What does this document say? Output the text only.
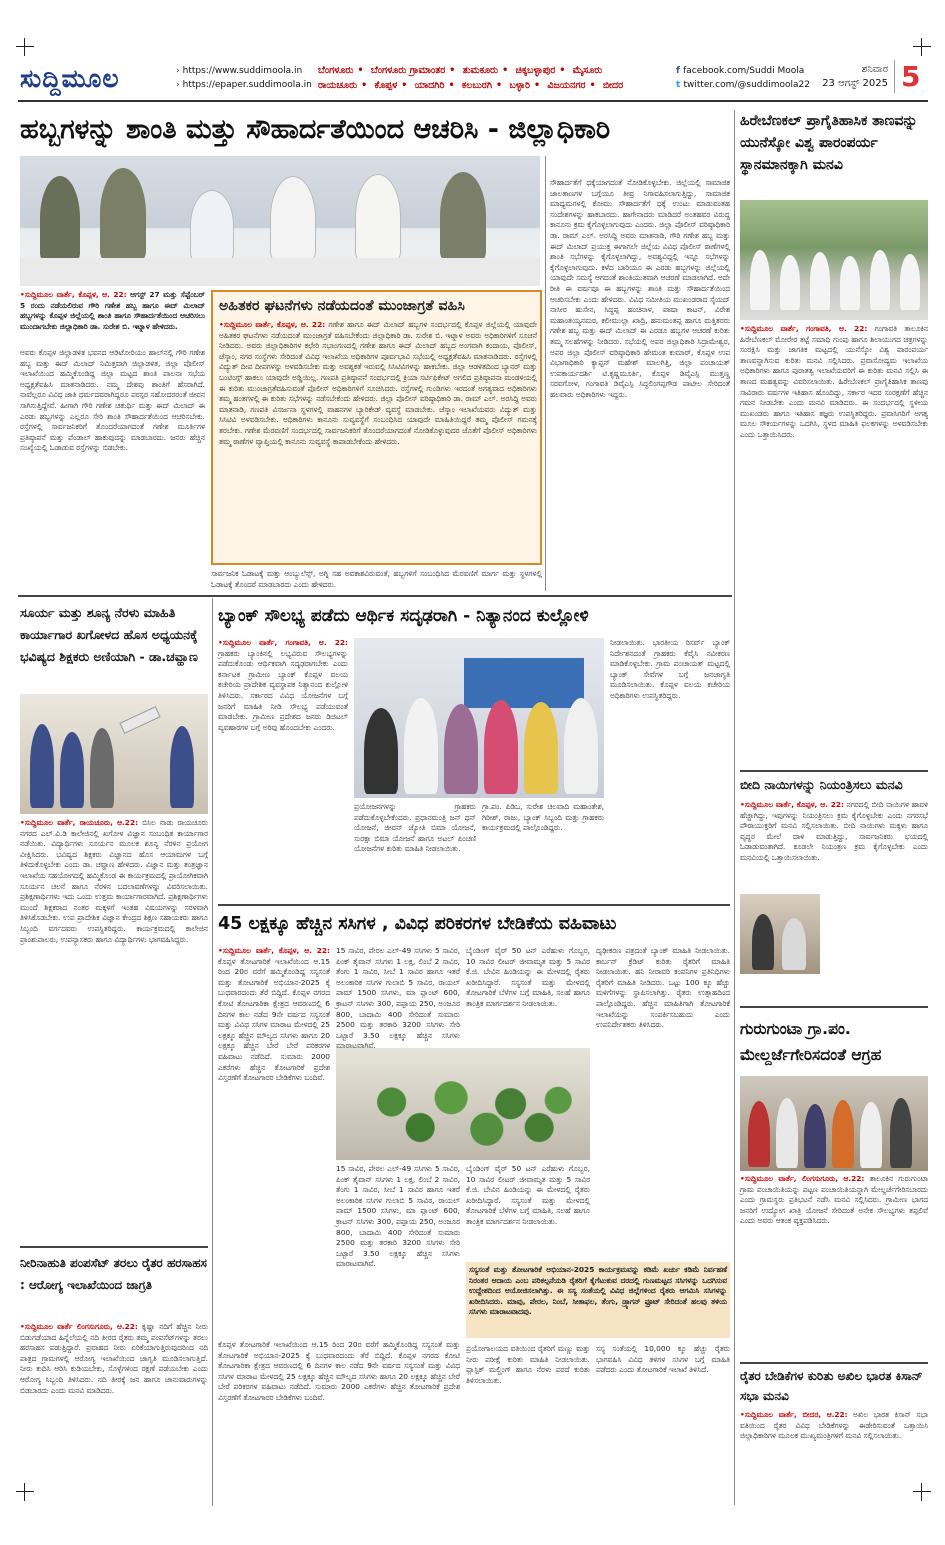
ಸುದ್ದಿಮೂಲ
›	https://www.suddimoola.in
› https://epaper.suddimoola.in
ಬೆಂಗಳೂರು • ಬೆಂಗಳೂರು ಗ್ರಾಮಾಂತರ • ತುಮಕೂರು • ಚಿಕ್ಕಬಳ್ಳಾಪುರ • ಮೈಸೂರು
ರಾಯಚೂರು • ಕೊಪ್ಪಳ • ಯಾದಗಿರಿ • ಕಲಬುರಗಿ • ಬಳ್ಳಾರಿ • ವಿಜಯನಗರ • ಬೀದರ
f facebook.com/Suddi Moola
t twitter.com/@suddimoola22
ಶನಿವಾರ
23 ಆಗಸ್ಟ್ 2025 5
ಹಬ್ಬಗಳನ್ನು ಶಾಂತಿ ಮತ್ತು ಸೌಹಾರ್ದತೆಯಿಂದ ಆಚರಿಸಿ - ಜಿಲ್ಲಾಧಿಕಾರಿ
•ಸುದ್ದಿಮೂಲ ವಾರ್ತೆ, ಕೊಪ್ಪಳ, ಆ. 22: ಆಗಸ್ಟ್ 27 ಮತ್ತು ಸೆಪ್ಟೆಂಬರ್ 5 ರಂದು ನಡೆಯಲಿರುವ ಗೌರಿ ಗಣೇಶ ಹಬ್ಬ ಹಾಗೂ ಈದ್ ಮಿಲಾದ್ ಹಬ್ಬಗಳನ್ನು ಕೊಪ್ಪಳ ಜಿಲ್ಲೆಯಲ್ಲಿ ಶಾಂತಿ ಹಾಗೂ ಸೌಹಾರ್ದತೆಯಿಂದ ಆಚರಿಸಲು ಮುಂದಾಗಬೇಕು ಜಿಲ್ಲಾಧಿಕಾರಿ ಡಾ. ಸುರೇಶ ಬಿ. ಇಟ್ನಾಳ ಹೇಳಿದರು.
ಅವರು ಕೊಪ್ಪಳ ಜಿಲ್ಲಾಡಳಿತ ಭವನದ ಆಡಿಟೋರಿಯಂ ಹಾಲ್‌ನಲ್ಲಿ ಗೌರಿ ಗಣೇಶ ಹಬ್ಬ ಮತ್ತು ಈದ್ ಮಿಲಾದ್ ನಿಮಿತ್ತವಾಗಿ ಜಿಲ್ಲಾಡಳಿತ, ಜಿಲ್ಲಾ ಪೊಲೀಸ್ ಇಲಾಖೆಯಿಂದ ಹಮ್ಮಿಕೊಂಡಿದ್ದ ಜಿಲ್ಲಾ ಮಟ್ಟದ ಶಾಂತಿ ಪಾಲನಾ ಸಭೆಯ ಅಧ್ಯಕ್ಷತೆವಹಿಸಿ ಮಾತನಾಡಿದರು. ನಮ್ಮ ದೇಶವು ಶಾಂತಿಗೆ ಹೆಸರಾಗಿದೆ. ನಾವೆಲ್ಲರೂ ವಿವಿಧ ಜಾತಿ ಧರ್ಮದವರಾಗಿದ್ದರೂ ಪರಸ್ಪರ ಸಹೋದರರಂತೆ ಜೀವನ ಸಾಗಿಸುತ್ತಿದ್ದೇವೆ. ಹೀಗಾಗಿ ಗೌರಿ ಗಣೇಶ ಚತುರ್ಥಿ ಮತ್ತು ಈದ್ ಮಿಲಾದ್ ಈ ಎರಡು ಹಬ್ಬಗಳನ್ನು ಎಲ್ಲರೂ ಸೇರಿ ಶಾಂತಿ ಸೌಹಾರ್ದತೆಯಿಂದ ಆಚರಿಸಬೇಕು. ರಸ್ತೆಗಳಲ್ಲಿ ಸಾರ್ವಜನಿಕರಿಗೆ ತೊಂದರೆಯಾಗದಂತೆ ಗಣೇಶ ಮೂರ್ತಿಗಳ ಪ್ರತಿಷ್ಠಾಪನೆ ಮತ್ತು ಪೆಂಡಾಲ್ ಹಾಕುವುದನ್ನು ಮಾಡಬಾರದು. ಜನರು ಹೆಚ್ಚಿನ ಸಂಖ್ಯೆಯಲ್ಲಿ ಓಡಾಡುವ ರಸ್ತೆಗಳನ್ನು ಬಿಡಬೇಕು.
ಅಹಿತಕರ ಘಟನೆಗಳು ನಡೆಯದಂತೆ ಮುಂಜಾಗ್ರತೆ ವಹಿಸಿ
•ಸುದ್ದಿಮೂಲ ವಾರ್ತೆ, ಕೊಪ್ಪಳ, ಆ. 22: ಗಣೇಶ ಹಾಗೂ ಈದ್ ಮಿಲಾದ್ ಹಬ್ಬಗಳ ಸಂದರ್ಭದಲ್ಲಿ ಕೊಪ್ಪಳ ಜಿಲ್ಲೆಯಲ್ಲಿ ಯಾವುದೇ ಅಹಿತಕರ ಘಟನೆಗಳು ನಡೆಯದಂತೆ ಮುಂಜಾಗ್ರತೆ ವಹಿಸಬೇಕೆಂದು ಜಿಲ್ಲಾಧಿಕಾರಿ ಡಾ. ಸುರೇಶ ಬಿ. ಇಟ್ನಾಳ ಅವರು ಅಧಿಕಾರಿಗಳಿಗೆ ಸೂಚನೆ ನೀಡಿದರು. ಅವರು ಜಿಲ್ಲಾಧಿಕಾರಿಗಳ ಕಛೇರಿ ಸಭಾಂಗಣದಲ್ಲಿ ಗಣೇಶ ಹಾಗೂ ಈದ್ ಮಿಲಾದ್ ಹಬ್ಬದ ಅಂಗವಾಗಿ ಕಂದಾಯ, ಪೊಲೀಸ್, ಜೆಸ್ಕಾಂ, ನಗರ ಸಂಸ್ಥೆಗಳು ಸೇರಿದಂತೆ ವಿವಿಧ ಇಲಾಖೆಯ ಅಧಿಕಾರಿಗಳ ಪೂರ್ವಭಾವಿ ಸಭೆಯಲ್ಲಿ ಅಧ್ಯಕ್ಷತೆವಹಿಸಿ ಮಾತನಾಡಿದರು. ರಸ್ತೆಗಳಲ್ಲಿ ವಿದ್ಯುತ್ ದೀಪ ದೀಪಗಳನ್ನು ಅಳವಡಿಸಬೇಕು ಮತ್ತು ಅವಶ್ಯಕತೆ ಇರುವಲ್ಲಿ ಸಿಸಿಟಿವಿಗಳನ್ನು ಹಾಕಬೇಕು. ಜಿಲ್ಲಾ ಆಡಳಿತದಿಂದ ಬ್ಯಾನರ್ ಮತ್ತು ಬಂಟಿಂಗ್ಸ್ ಹಾಕಲು ಯಾವುದೇ ಅಡ್ಡಿಯಿಲ್ಲ. ಗಣಪತಿ ಪ್ರತಿಷ್ಠಾಪನೆ ಸಂದರ್ಭದಲ್ಲಿ ಕ್ರಿಯಾ ಸರ್ಟಿಫಿಕೇಟ್ ಅಗಲಿದ ಪ್ರತಿಷ್ಠಾಪನಾ ಮಂಡಳಿಯಲ್ಲಿ ಈ ಕುರಿತು ಮುಂಜಾಗ್ರತೆವಹಿಸುವಂತೆ ಪೊಲೀಸ್ ಅಧಿಕಾರಿಗಳಿಗೆ ಸೂಚಿಸಿದರು. ರಸ್ತೆಗಳಲ್ಲಿ ಗುಂಡಿಗಳು ಇರದಂತೆ ಅಗತ್ಯವಾದ ಅಧಿಕಾರಿಗಳು ತಮ್ಮ ಹಂತಗಳಲ್ಲಿ ಈ ಕುರಿತು ಸಭೆಗಳನ್ನು ನಡೆಸಬೇಕೆಂದು ಹೇಳಿದರು. ಜಿಲ್ಲಾ ಪೊಲೀಸ್ ವರಿಷ್ಠಾಧಿಕಾರಿ ಡಾ. ರಾಮ್ ಎಲ್. ಅರಸಿದ್ದಿ ಅವರು ಮಾತನಾಡಿ, ಗಣಪತಿ ವಿಸರ್ಜನಾ ಸ್ಥಳಗಳಲ್ಲಿ ವಾಹನಗಳ ಬ್ಯಾರಿಕೇಡ್ ವ್ಯವಸ್ಥೆ ಮಾಡಬೇಕು. ಜೆಸ್ಕಾಂ ಇಲಾಖೆಯವರು ವಿದ್ಯುತ್ ಮತ್ತು ಸಿಸಿಟಿವಿ ಅಳವಡಿಸಬೇಕು. ಅಧಿಕಾರಿಗಳು ಕಾನೂನು ಸುವ್ಯವಸ್ಥೆಗೆ ಸಂಬಂಧಿಸಿದ ಯಾವುದೇ ಮಾಹಿತಿಯಿದ್ದರೆ ತಮ್ಮ ಪೊಲೀಸ್ ಗಮನಕ್ಕೆ ತರಬೇಕು. ಗಣೇಶ ಮೆರವಣಿಗೆ ಸಂದರ್ಭದಲ್ಲಿ ಸಾರ್ವಜನಿಕರಿಗೆ ತೊಂದರೆಯಾಗದಂತೆ ನೋಡಿಕೊಳ್ಳುವುದರ ಜೊತೆಗೆ ಪೊಲೀಸ್ ಅಧಿಕಾರಿಗಳು ತಮ್ಮ ಠಾಣೆಗಳ ವ್ಯಾಪ್ತಿಯಲ್ಲಿ ಕಾನೂನು ಸುವ್ಯವಸ್ಥೆ ಕಾಪಾಡಬೇಕೆಂದು ಹೇಳಿದರು.
ಸಾರ್ವಜನಿಕ ಓಡಾಟಕ್ಕೆ ಮತ್ತು ಆಂಬ್ಯುಲೆನ್ಸ್, ಅಗ್ನಿ ಸಹ ಅವಕಾಶವಿರುವಂತೆ, ಹಬ್ಬಗಳಿಗೆ ಸಂಬಂಧಿಸಿದ ಮೆರವಣಿಗೆ ಮಾರ್ಗ ಮತ್ತು ಸ್ಥಳಗಳಲ್ಲಿ ಓಡಾಟಕ್ಕೆ ತೊಂದರೆ ಮಾಡಬಾರದು ಎಂದು ಹೇಳಿದರು.
ಸೌಹಾರ್ದತೆಗೆ ಧಕ್ಕೆಯಾಗದಂತೆ ನೋಡಿಕೊಳ್ಳಬೇಕು. ಜಿಲ್ಲೆಯಲ್ಲಿ ಸಾಮಾಜಿಕ ಜಾಲತಾಣಗಳ ಬಗ್ಗೆಯೂ ತೀವ್ರ ನಿಗಾವಹಿಸಲಾಗುತ್ತಿದ್ದು, ಸಾಮಾಜಿಕ ಮಾಧ್ಯಮಗಳಲ್ಲಿ ಕೋಮು ಸೌಹಾರ್ದತೆಗೆ ಧಕ್ಕೆ ಉಂಟು ಮಾಡುವಂತಹ ಸಂದೇಶಗಳನ್ನು ಹಾಕಬಾರದು. ಹಾಗೇನಾದರು ಮಾಡಿದರೆ ಅಂತಹವರ ವಿರುದ್ಧ ಕಾನೂನು ಕ್ರಮ ಕೈಗೊಳ್ಳಲಾಗುವುದು ಎಂದರು. ಜಿಲ್ಲಾ ಪೊಲೀಸ್ ವರಿಷ್ಠಾಧಿಕಾರಿ ಡಾ. ರಾಮ್ ಎಲ್. ಅರಸಿದ್ದಿ ಅವರು ಮಾತನಾಡಿ, ಗೌರಿ ಗಣೇಶ ಹಬ್ಬ ಮತ್ತು ಈದ್ ಮಿಲಾದ್ ಪ್ರಯುಕ್ತ ಈಗಾಗಲೇ ಜಿಲ್ಲೆಯ ವಿವಿಧ ಪೊಲೀಸ್ ಠಾಣೆಗಳಲ್ಲಿ ಶಾಂತಿ ಸಭೆಗಳನ್ನು ಕೈಗೊಳ್ಳಲಾಗಿದ್ದು, ಅವಶ್ಯವಿದ್ದಲ್ಲಿ ಇನ್ನೂ ಸಭೆಗಳನ್ನು ಕೈಗೊಳ್ಳಲಾಗುವುದು. ಕಳೆದ ಬಾರಿಯೂ ಈ ಎರಡು ಹಬ್ಬಗಳನ್ನು ಜಿಲ್ಲೆಯಲ್ಲಿ ಯಾವುದೇ ಸಮಸ್ಯೆ ಆಗದಂತೆ ಶಾಂತಿಯುತವಾಗಿ ಆಚರಣೆ ಮಾಡಲಾಗಿದೆ. ಅದೇ ರೀತಿ ಈ ವರ್ಷವೂ ಈ ಹಬ್ಬಗಳನ್ನು ಶಾಂತಿ ಮತ್ತು ಸೌಹಾರ್ದತೆಯಿಂದ ಆಚರಿಸಬೇಕು ಎಂದು ಹೇಳಿದರು. ವಿವಿಧ ಸಮೀತಿಯ ಮುಖಂಡರಾದ ಸೈಯದ್ ನಾಸೀರ ಹುಸೇನ, ಸಿದ್ಧಪ್ಪ ಹಂಚಿನಾಳ, ಪಾಷಾ ಕಾಟನ್, ವಿರೇಶ ಮಹಾಂತಯ್ಯನಮಠ, ಕಲೀಮುಲ್ಲಾ ಖಾದ್ರಿ, ಹನುಮಂತಪ್ಪ ಹಾಗೂ ಮತ್ತಿತರರು ಗಣೇಶ ಹಬ್ಬ ಮತ್ತು ಈದ್ ಮಿಲಾದ್ ಈ ಎರಡೂ ಹಬ್ಬಗಳ ಆಚರಣೆ ಕುರಿತು ತಮ್ಮ ಸಲಹೆಗಳನ್ನು ನೀಡಿದರು. ಸಭೆಯಲ್ಲಿ ಅಪರ ಜಿಲ್ಲಾಧಿಕಾರಿ ಸಿದ್ರಾಮೇಶ್ವರ, ಅಪರ ಜಿಲ್ಲಾ ಪೊಲೀಸ್ ವರಿಷ್ಠಾಧಿಕಾರಿ ಹೇಮಂತ ಕುಮಾರ್, ಕೊಪ್ಪಳ ಉಪ ವಿಭಾಗಾಧಿಕಾರಿ ಕ್ಯಾಪ್ಟನ್ ಮಹೇಶ್ ಮಾಲಗಿತ್ತಿ, ಜಿಲ್ಲಾ ಪಂಚಾಯತ್ ಉಪಕಾರ್ಯದರ್ಶಿ ಟಿ.ಕೃಷ್ಣಮೂರ್ತಿ, ಕೊಪ್ಪಳ ಡಿವೈಎಸ್ಪಿ ಮುತ್ತಣ್ಣ ಸರವಗೋಳ, ಗಂಗಾವತಿ ಡಿವೈಎಸ್ಪಿ ಸಿದ್ಧಲಿಂಗಪ್ಪಗೌಡ ಪಾಟೀಲ ಸೇರಿದಂತೆ ಹಲವಾರು ಅಧಿಕಾರಿಗಳು ಇದ್ದರು.
ಹಿರೇಬೆಣಕಲ್ ಪ್ರಾಗೈತಿಹಾಸಿಕ ತಾಣವನ್ನು ಯುನೆಸ್ಕೋ ವಿಶ್ವ ಪಾರಂಪರ್ಯ ಸ್ಥಾನಮಾನಕ್ಕಾಗಿ ಮನವಿ
•ಸುದ್ದಿಮೂಲ ವಾರ್ತೆ, ಗಂಗಾವತಿ, ಆ. 22: ಗಂಗಾವತಿ ತಾಲೂಕಿನ ಹಿರೇಬೆಣಕಲ್ ಮೋರೇರ ತಟ್ಟೆ ಸಮಾಧಿ ಗುಂಪು ಹಾಗೂ ಶಿಲಾಯುಗದ ಚಿತ್ರಗಳನ್ನು ಸಂರಕ್ಷಿಸಿ ಮತ್ತು ಜಾಗತಿಕ ಮಟ್ಟದಲ್ಲಿ ಯುನೆಸ್ಕೋ ವಿಶ್ವ ಪಾರಂಪರ್ಯ ತಾಣವನ್ನಾಗಿಸುವ ಕುರಿತು ಮನವಿ ಸಲ್ಲಿಸಿದರು. ಪ್ರವಾಸೋದ್ಯಮ ಇಲಾಖೆಯ ಅಧಿಕಾರಿಗಳು ಹಾಗೂ ಪುರಾತತ್ವ ಇಲಾಖೆಯವರಿಗೆ ಈ ಕುರಿತು ಮನವಿ ಸಲ್ಲಿಸಿ ಈ ತಾಣದ ಮಹತ್ವವನ್ನು ವಿವರಿಸಲಾಯಿತು. ಹಿರೇಬೆಣಕಲ್ ಪ್ರಾಗೈತಿಹಾಸಿಕ ತಾಣವು ಸಾವಿರಾರು ವರ್ಷಗಳ ಇತಿಹಾಸ ಹೊಂದಿದ್ದು, ಸರ್ಕಾರ ಇದರ ಸಂರಕ್ಷಣೆಗೆ ಹೆಚ್ಚಿನ ಗಮನ ನೀಡಬೇಕು ಎಂದು ಮನವಿ ಮಾಡಿದರು. ಈ ಸಂದರ್ಭದಲ್ಲಿ ಸ್ಥಳೀಯ ಮುಖಂಡರು ಹಾಗೂ ಇತಿಹಾಸ ತಜ್ಞರು ಉಪಸ್ಥಿತರಿದ್ದರು. ಪ್ರವಾಸಿಗರಿಗೆ ಅಗತ್ಯ ಮೂಲ ಸೌಕರ್ಯಗಳನ್ನು ಒದಗಿಸಿ, ಸ್ಥಳದ ಮಾಹಿತಿ ಫಲಕಗಳನ್ನು ಅಳವಡಿಸಬೇಕು ಎಂದು ಒತ್ತಾಯಿಸಿದರು.
ಬೀದಿ ನಾಯಿಗಳನ್ನು ನಿಯಂತ್ರಿಸಲು ಮನವಿ
•ಸುದ್ದಿಮೂಲ ವಾರ್ತೆ, ಕೊಪ್ಪಳ, ಆ. 22: ನಗರದಲ್ಲಿ ಬೀದಿ ನಾಯಿಗಳ ಹಾವಳಿ ಹೆಚ್ಚಾಗಿದ್ದು, ಇವುಗಳನ್ನು ನಿಯಂತ್ರಿಸಲು ಕ್ರಮ ಕೈಗೊಳ್ಳಬೇಕು ಎಂದು ನಗರಸಭೆ ಪೌರಾಯುಕ್ತರಿಗೆ ಮನವಿ ಸಲ್ಲಿಸಲಾಯಿತು. ಬೀದಿ ನಾಯಿಗಳು ಮಕ್ಕಳು ಹಾಗೂ ವೃದ್ಧರ ಮೇಲೆ ದಾಳಿ ಮಾಡುತ್ತಿದ್ದು, ಸಾರ್ವಜನಿಕರು ಭಯದಲ್ಲಿ ಓಡಾಡುವಂತಾಗಿದೆ. ಕೂಡಲೇ ನಿಯಂತ್ರಣ ಕ್ರಮ ಕೈಗೊಳ್ಳಬೇಕು ಎಂದು ಮನವಿಯಲ್ಲಿ ಒತ್ತಾಯಿಸಲಾಯಿತು.
ಗುರುಗುಂಟಾ ಗ್ರಾ.ಪಂ. ಮೇಲ್ದರ್ಜೆಗೇರಿಸದಂತೆ ಆಗ್ರಹ
•ಸುದ್ದಿಮೂಲ ವಾರ್ತೆ, ಲಿಂಗಸುಗೂರು, ಆ.22: ತಾಲೂಕಿನ ಗುರುಗುಂಟಾ ಗ್ರಾಮ ಪಂಚಾಯಿತಿಯನ್ನು ಪಟ್ಟಣ ಪಂಚಾಯಿತಿಯನ್ನಾಗಿ ಮೇಲ್ದರ್ಜೆಗೇರಿಸಬಾರದು ಎಂದು ಗ್ರಾಮಸ್ಥರು ಪ್ರತಿಭಟನೆ ನಡೆಸಿ ಮನವಿ ಸಲ್ಲಿಸಿದರು. ಗ್ರಾಮೀಣ ಭಾಗದ ಜನರಿಗೆ ಉದ್ಯೋಗ ಖಾತ್ರಿ ಯೋಜನೆ ಸೇರಿದಂತೆ ಅನೇಕ ಸೌಲಭ್ಯಗಳು ತಪ್ಪಲಿವೆ ಎಂದು ಅವರು ಆತಂಕ ವ್ಯಕ್ತಪಡಿಸಿದರು.
ರೈತರ ಬೇಡಿಕೆಗಳ ಕುರಿತು ಅಖಿಲ ಭಾರತ ಕಿಸಾನ್ ಸಭಾ ಮನವಿ
•ಸುದ್ದಿಮೂಲ ವಾರ್ತೆ, ಬೀದರ, ಆ.22: ಅಖಿಲ ಭಾರತ ಕಿಸಾನ್ ಸಭಾ ವತಿಯಿಂದ ರೈತರ ವಿವಿಧ ಬೇಡಿಕೆಗಳನ್ನು ಈಡೇರಿಸುವಂತೆ ಒತ್ತಾಯಿಸಿ ಜಿಲ್ಲಾಧಿಕಾರಿಗಳ ಮೂಲಕ ಮುಖ್ಯಮಂತ್ರಿಗಳಿಗೆ ಮನವಿ ಸಲ್ಲಿಸಲಾಯಿತು.
ಸೂರ್ಯ ಮತ್ತು ಶೂನ್ಯ ನೆರಳು ಮಾಹಿತಿ ಕಾರ್ಯಾಗಾರ ಖಗೋಳದ ಹೊಸ ಅಧ್ಯಯನಕ್ಕೆ ಭವಿಷ್ಯದ ಶಿಕ್ಷಕರು ಅಣಿಯಾಗಿ - ಡಾ.ಚವ್ಹಾಣ
•ಸುದ್ದಿಮೂಲ ವಾರ್ತೆ, ರಾಯಚೂರು, ಆ.22: ಬಿಸಿಲ ನಾಡು ರಾಯಚೂರು ನಗರದ ಎಲ್.ವಿ.ಡಿ ಕಾಲೇಜಿನಲ್ಲಿ ಖಗೋಳ ವಿಜ್ಞಾನ ಸಂಬಂಧಿತ ಕಾರ್ಯಾಗಾರ ನಡೆಯಿತು. ವಿದ್ಯಾರ್ಥಿಗಳು ಸೂರ್ಯನ ಮೂಲಕ ಶೂನ್ಯ ನೆರಳಿನ ಪ್ರಯೋಗ ವೀಕ್ಷಿಸಿದರು. ಭವಿಷ್ಯದ ಶಿಕ್ಷಕರು ವಿಜ್ಞಾನದ ಹೊಸ ಆಯಾಮಗಳ ಬಗ್ಗೆ ತಿಳಿದುಕೊಳ್ಳಬೇಕು ಎಂದು ಡಾ. ಚವ್ಹಾಣ ಹೇಳಿದರು. ವಿಜ್ಞಾನ ಮತ್ತು ತಂತ್ರಜ್ಞಾನ ಇಲಾಖೆಯ ಸಹಯೋಗದಲ್ಲಿ ಹಮ್ಮಿಕೊಂಡ ಈ ಕಾರ್ಯಕ್ರಮದಲ್ಲಿ ಪ್ರಾಯೋಗಿಕವಾಗಿ ಸೂರ್ಯನ ಚಲನೆ ಹಾಗೂ ನೆರಳಿನ ಬದಲಾವಣೆಗಳನ್ನು ವಿವರಿಸಲಾಯಿತು. ಪ್ರಶಿಕ್ಷಣಾರ್ಥಿಗಳು ಇದು ಒಂದು ಉತ್ತಮ ಕಾರ್ಯಾಗಾರವಾಗಿದೆ. ಪ್ರಶಿಕ್ಷಣಾರ್ಥಿಗಳು ಮುಂದೆ ಶಿಕ್ಷಕರಾದ ನಂತರ ಮಕ್ಕಳಿಗೆ ಇಂತಹ ವಿಷಯಗಳನ್ನು ಸರಳವಾಗಿ ತಿಳಿಸಿಕೊಡಬೇಕು. ಉಪ ಪ್ರಾದೇಶಿಕ ವಿಜ್ಞಾನ ಕೇಂದ್ರದ ಶಿಕ್ಷಣ ಸಹಾಯಕರು ಹಾಗೂ ಸಿಬ್ಬಂದಿ ವರ್ಗದವರು ಉಪಸ್ಥಿತರಿದ್ದರು. ಕಾರ್ಯಕ್ರಮದಲ್ಲಿ ಕಾಲೇಜಿನ ಪ್ರಾಂಶುಪಾಲರು, ಉಪನ್ಯಾಸಕರು ಹಾಗೂ ವಿದ್ಯಾರ್ಥಿಗಳು ಭಾಗವಹಿಸಿದ್ದರು.
ನೀರಿನಾಹುತಿ ಪಂಪಸೆಟ್ ತರಲು ರೈತರ ಹರಸಾಹಸ : ಆರೋಗ್ಯ ಇಲಾಖೆಯಿಂದ ಜಾಗ್ರತಿ
•ಸುದ್ದಿಮೂಲ ವಾರ್ತೆ ಲಿಂಗಸುಗೂರು, ಆ.22: ಕೃಷ್ಣಾ ನದಿಗೆ ಹೆಚ್ಚಿನ ನೀರು ಬಿಡುಗಡೆಯಾದ ಹಿನ್ನೆಲೆಯಲ್ಲಿ ನದಿ ತೀರದ ರೈತರು ತಮ್ಮ ಪಂಪಸೆಟ್‌ಗಳನ್ನು ತರಲು ಹರಸಾಹಸ ಪಡುತ್ತಿದ್ದಾರೆ. ಪ್ರವಾಹದ ನೀರು ಏರಿಕೆಯಾಗುತ್ತಿರುವುದರಿಂದ ನದಿ ಪಾತ್ರದ ಗ್ರಾಮಗಳಲ್ಲಿ ಆರೋಗ್ಯ ಇಲಾಖೆಯಿಂದ ಜಾಗೃತಿ ಮೂಡಿಸಲಾಗುತ್ತಿದೆ. ನೀರು ಕುದಿಸಿ ಆರಿಸಿ ಕುಡಿಯಬೇಕು, ಸೊಳ್ಳೆಗಳಿಂದ ರಕ್ಷಣೆ ಪಡೆಯಬೇಕು ಎಂದು ಆರೋಗ್ಯ ಸಿಬ್ಬಂದಿ ತಿಳಿಸಿದರು. ನದಿ ತೀರಕ್ಕೆ ಜನ ಹಾಗೂ ಜಾನುವಾರುಗಳನ್ನು ಬಿಡಬಾರದು ಎಂದು ಮನವಿ ಮಾಡಿದರು.
ಬ್ಯಾಂಕ್ ಸೌಲಭ್ಯ ಪಡೆದು ಆರ್ಥಿಕ ಸದೃಢರಾಗಿ - ನಿತ್ಯಾನಂದ ಕುಲ್ಲೋಳಿ
•ಸುದ್ದಿಮೂಲ ವಾರ್ತೆ, ಗಂಗಾವತಿ, ಆ. 22: ಗ್ರಾಹಕರು ಬ್ಯಾಂಕಿನಲ್ಲಿ ಲಭ್ಯವಿರುವ ಸೌಲಭ್ಯಗಳನ್ನು ಪಡೆದುಕೊಂಡು ಆರ್ಥಿಕವಾಗಿ ಸದೃಢರಾಗಬೇಕು ಎಂದು ಕರ್ನಾಟಕ ಗ್ರಾಮೀಣ ಬ್ಯಾಂಕ್ ಕೊಪ್ಪಳ ವಲಯ ಕಚೇರಿಯ ಪ್ರಾದೇಶಿಕ ವ್ಯವಸ್ಥಾಪಕ ನಿತ್ಯಾನಂದ ಕುಲ್ಲೋಳಿ ತಿಳಿಸಿದರು. ಸರ್ಕಾರದ ವಿವಿಧ ಯೋಜನೆಗಳ ಬಗ್ಗೆ ಜನರಿಗೆ ಮಾಹಿತಿ ನೀಡಿ ಸೌಲಭ್ಯ ಪಡೆಯುವಂತೆ ಮಾಡಬೇಕು. ಗ್ರಾಮೀಣ ಪ್ರದೇಶದ ಜನರು ಡಿಜಿಟಲ್ ವ್ಯವಹಾರಗಳ ಬಗ್ಗೆ ಅರಿವು ಹೊಂದಬೇಕು ಎಂದರು.
ಪ್ರಯೋಜನಗಳನ್ನು ಗ್ರಾಹಕರು ಪಡೆದುಕೊಳ್ಳಬೇಕೆಂದರು. ಪ್ರಧಾನಮಂತ್ರಿ ಜನ್ ಧನ್ ಯೋಜನೆ, ಜೀವನ್ ಜ್ಯೋತಿ ಬಿಮಾ ಯೋಜನೆ, ಸುರಕ್ಷಾ ಬಿಮಾ ಯೋಜನೆ ಹಾಗೂ ಅಟಲ್ ಪಿಂಚಣಿ ಯೋಜನೆಗಳ ಕುರಿತು ಮಾಹಿತಿ ನೀಡಲಾಯಿತು.
ಗ್ರಾ.ಪಂ. ಪಿಡಿಒ, ಸುರೇಶ ಚಲವಾದಿ ಮಹಾಂತೇಶ, ಗಿರೀಶ್, ರಾಜು, ಬ್ಯಾಂಕ್ ಸಿಬ್ಬಂದಿ ಮತ್ತು ಗ್ರಾಹಕರು ಕಾರ್ಯಕ್ರಮದಲ್ಲಿ ಪಾಲ್ಗೊಂಡಿದ್ದರು.
ನೀಡಲಾಯಿತು. ಭಾರತೀಯ ರಿಸರ್ವ್ ಬ್ಯಾಂಕ್ ನಿರ್ದೇಶನದಂತೆ ಗ್ರಾಹಕರು ಕೆವೈಸಿ ನವೀಕರಣ ಮಾಡಿಕೊಳ್ಳಬೇಕು. ಗ್ರಾಮ ಪಂಚಾಯತ್ ಮಟ್ಟದಲ್ಲಿ ಬ್ಯಾಂಕ್ ಸೇವೆಗಳ ಬಗ್ಗೆ ಜನಜಾಗೃತಿ ಮೂಡಿಸಲಾಯಿತು. ಕೊಪ್ಪಳ ವಲಯ ಕಚೇರಿಯ ಅಧಿಕಾರಿಗಳು ಉಪಸ್ಥಿತರಿದ್ದರು.
45 ಲಕ್ಷಕ್ಕೂ ಹೆಚ್ಚಿನ ಸಸಿಗಳ , ವಿವಿಧ ಪರಿಕರಗಳ ಬೇಡಿಕೆಯ ವಹಿವಾಟು
•ಸುದ್ದಿಮೂಲ ವಾರ್ತೆ, ಕೊಪ್ಪಳ, ಆ. 22: ಕೊಪ್ಪಳ ತೋಟಗಾರಿಕೆ ಇಲಾಖೆಯಿಂದ ಆ.15 ರಿಂದ 20ರ ವರೆಗೆ ಹಮ್ಮಿಕೊಂಡಿದ್ದ ಸಸ್ಯಸಂತೆ ಮತ್ತು ತೋಟಗಾರಿಕೆ ಅಭಿಯಾನ-2025 ಕ್ಕೆ ಬುಧವಾರದಂದು ತೆರೆ ಬಿದ್ದಿದೆ. ಕೊಪ್ಪಳ ನಗರದ ಕೋಟಿ ತೋಟಗಾರಿಕಾ ಕ್ಷೇತ್ರದ ಆವರಣದಲ್ಲಿ 6 ದಿನಗಳ ಕಾಲ ನಡೆದ 9ನೇ ವರ್ಷದ ಸಸ್ಯಸಂತೆ ಮತ್ತು ವಿವಿಧ ಸಸಿಗಳ ಮಾರಾಟ ಮೇಳದಲ್ಲಿ 25 ಲಕ್ಷಕ್ಕೂ ಹೆಚ್ಚಿನ ಮೌಲ್ಯದ ಸಸಿಗಳು ಹಾಗೂ 20 ಲಕ್ಷಕ್ಕೂ ಹೆಚ್ಚಿನ ಬೇರೆ ಬೇರೆ ಪರಿಕರಗಳ ವಹಿವಾಟು ನಡೆದಿದೆ. ಸುಮಾರು 2000 ಎಕರೆಗಳು ಹೆಚ್ಚಿನ ತೋಟಗಾರಿಕೆ ಪ್ರದೇಶ ವಿಸ್ತರಣೆಗೆ ತೋಟಗಾರರ ಬೇಡಿಕೆಗಳು ಬಂದಿವೆ.
15 ಸಾವಿರ, ಪೇರಲ ಎಲ್-49 ಸಸಿಗಳು 5 ಸಾವಿರ, ಪಿಂಕ್ ತೈವಾನ್ ಸಸಿಗಳು 1 ಲಕ್ಷ, ಲಿಂಬೆ 2 ಸಾವಿರ, ತೆಂಗು 1 ಸಾವಿರ, ಸೀಬೆ 1 ಸಾವಿರ ಹಾಗೂ ಇತರೆ ಅಲಂಕಾರಿಕ ಸಸಿಗಳ ಗುಲಾಬಿ 5 ಸಾವಿರ, ರಾಯಲ್ ಪಾಮ್ 1500 ಸಸಿಗಳು, ಮಾ ಪ್ಲಾಂಟ್ 600, ಕ್ರಾಟನ್ ಸಸಿಗಳು 300, ಪಪ್ಪಾಯ 250, ಅಂಜೂರ 800, ಬಾದಾಮಿ 400 ಸೇರಿದಂತೆ ಸುಮಾರು 2500 ಮತ್ತು ತರಕಾರಿ 3200 ಸಸಿಗಳು ಸೇರಿ ಒಟ್ಟಾರೆ 3.50 ಲಕ್ಷಕ್ಕೂ ಹೆಚ್ಚಿನ ಸಸಿಗಳು ಮಾರಾಟವಾಗಿವೆ.
ಬೈಂಡಿಂಗ್ ವೈರ್ 50 ಟನ್ ಎರೆಹುಳು ಗೊಬ್ಬರ, 10 ಸಾವಿರ ಲೀಟರ್ ಜೀವಾಮೃತ ಮತ್ತು 5 ಸಾವಿರ ಕೆ.ಜಿ. ಬೇವಿನ ಹಿಂಡಿಯನ್ನು ಈ ಮೇಳದಲ್ಲಿ ರೈತರು ಖರೀದಿಸಿದ್ದಾರೆ. ಸಸ್ಯಸಂತೆ ಮತ್ತು ಮೇಳದಲ್ಲಿ ತೋಟಗಾರಿಕೆ ಬೆಳೆಗಳ ಬಗ್ಗೆ ಮಾಹಿತಿ, ಸಲಹೆ ಹಾಗೂ ತಾಂತ್ರಿಕ ಮಾರ್ಗದರ್ಶನ ನೀಡಲಾಯಿತು.
15 ಸಾವಿರ, ಪೇರಲ ಎಲ್-49 ಸಸಿಗಳು 5 ಸಾವಿರ, ಪಿಂಕ್ ತೈವಾನ್ ಸಸಿಗಳು 1 ಲಕ್ಷ, ಲಿಂಬೆ 2 ಸಾವಿರ, ತೆಂಗು 1 ಸಾವಿರ, ಸೀಬೆ 1 ಸಾವಿರ ಹಾಗೂ ಇತರೆ ಅಲಂಕಾರಿಕ ಸಸಿಗಳ ಗುಲಾಬಿ 5 ಸಾವಿರ, ರಾಯಲ್ ಪಾಮ್ 1500 ಸಸಿಗಳು, ಮಾ ಪ್ಲಾಂಟ್ 600, ಕ್ರಾಟನ್ ಸಸಿಗಳು 300, ಪಪ್ಪಾಯ 250, ಅಂಜೂರ 800, ಬಾದಾಮಿ 400 ಸೇರಿದಂತೆ ಸುಮಾರು 2500 ಮತ್ತು ತರಕಾರಿ 3200 ಸಸಿಗಳು ಸೇರಿ ಒಟ್ಟಾರೆ 3.50 ಲಕ್ಷಕ್ಕೂ ಹೆಚ್ಚಿನ ಸಸಿಗಳು ಮಾರಾಟವಾಗಿವೆ.
ಬೈಂಡಿಂಗ್ ವೈರ್ 50 ಟನ್ ಎರೆಹುಳು ಗೊಬ್ಬರ, 10 ಸಾವಿರ ಲೀಟರ್ ಜೀವಾಮೃತ ಮತ್ತು 5 ಸಾವಿರ ಕೆ.ಜಿ. ಬೇವಿನ ಹಿಂಡಿಯನ್ನು ಈ ಮೇಳದಲ್ಲಿ ರೈತರು ಖರೀದಿಸಿದ್ದಾರೆ. ಸಸ್ಯಸಂತೆ ಮತ್ತು ಮೇಳದಲ್ಲಿ ತೋಟಗಾರಿಕೆ ಬೆಳೆಗಳ ಬಗ್ಗೆ ಮಾಹಿತಿ, ಸಲಹೆ ಹಾಗೂ ತಾಂತ್ರಿಕ ಮಾರ್ಗದರ್ಶನ ನೀಡಲಾಯಿತು.
ದೃಢೀಕರಣ ಪತ್ರದಂತೆ ಬ್ಯಾಂಕ್ ಮಾಹಿತಿ ನೀಡಲಾಯಿತು. ಕಾರ್ಬನ್ ಕ್ರೆಡಿಟ್ ಕುರಿತು ರೈತರಿಗೆ ಮಾಹಿತಿ ನೀಡಲಾಯಿತು. ಹನಿ ನೀರಾವರಿ ಕಂಪನಿಗಳ ಪ್ರತಿನಿಧಿಗಳು ರೈತರಿಗೆ ಮಾಹಿತಿ ನೀಡಿದರು. ಒಟ್ಟು 100 ಕ್ಕೂ ಹೆಚ್ಚು ಮಳಿಗೆಗಳನ್ನು ಸ್ಥಾಪಿಸಲಾಗಿತ್ತು. ರೈತರು ಉತ್ಸಾಹದಿಂದ ಪಾಲ್ಗೊಂಡಿದ್ದರು. ಹೆಚ್ಚಿನ ಮಾಹಿತಿಗಾಗಿ ತೋಟಗಾರಿಕೆ ಇಲಾಖೆಯನ್ನು ಸಂಪರ್ಕಿಸಬಹುದು ಎಂದು ಉಪನಿರ್ದೇಶಕರು ತಿಳಿಸಿದರು.
ಸಸ್ಯಸಂತೆ ಮತ್ತು ತೋಟಗಾರಿಕೆ ಅಭಿಯಾನ-2025 ಕಾರ್ಯಕ್ರಮವನ್ನು ಕಡಿಮೆ ಖರ್ಚು ಕಡಿಮೆ ನಿರ್ವಹಣೆ ನಿರಂತರ ಆದಾಯ ಎಂಬ ಪರಿಕಲ್ಪನೆಯಡಿ ರೈತರಿಗೆ ಕೈಗೆಟುಕುವ ದರದಲ್ಲಿ ಗುಣಮಟ್ಟದ ಸಸಿಗಳನ್ನು ಒದಗಿಸುವ ಉದ್ದೇಶದಿಂದ ಆಯೋಜಿಸಲಾಗಿತ್ತು. ಈ ಸಸ್ಯ ಸಂತೆಯಲ್ಲಿ ವಿವಿಧ ಜಿಲ್ಲೆಗಳಿಂದ ರೈತರು ಆಗಮಿಸಿ ಸಸಿಗಳನ್ನು ಖರೀದಿಸಿದರು. ಮಾವು, ಪೇರಲ, ನಿಂಬೆ, ಸೀತಾಫಲ, ತೆಂಗು, ಡ್ರ್ಯಾಗನ್ ಫ್ರೂಟ್ ಸೇರಿದಂತೆ ಹಲವು ತಳಿಯ ಸಸಿಗಳು ಮಾರಾಟವಾದವು.
ಪ್ರಯೋಗಾಲಯದ ವತಿಯಿಂದ ರೈತರಿಗೆ ಮಣ್ಣು ಮತ್ತು ನೀರು ಪರೀಕ್ಷೆ ಕುರಿತು ಮಾಹಿತಿ ನೀಡಲಾಯಿತು. ಪ್ಲಾಸ್ಟಿಕ್ ಮಲ್ಚಿಂಗ್ ಹಾಗೂ ನೆರಳು ಪರದೆ ಕುರಿತು ತಿಳಿಸಲಾಯಿತು.
ಸಸ್ಯ ಸಂತೆಯಲ್ಲಿ 10,000 ಕ್ಕೂ ಹೆಚ್ಚು ರೈತರು ಭಾಗವಹಿಸಿ ವಿವಿಧ ತಳಿಗಳ ಸಸಿಗಳ ಬಗ್ಗೆ ಮಾಹಿತಿ ಪಡೆದರು ಎಂದು ತೋಟಗಾರಿಕೆ ಇಲಾಖೆ ತಿಳಿಸಿದೆ.
ಕೊಪ್ಪಳ ತೋಟಗಾರಿಕೆ ಇಲಾಖೆಯಿಂದ ಆ.15 ರಿಂದ 20ರ ವರೆಗೆ ಹಮ್ಮಿಕೊಂಡಿದ್ದ ಸಸ್ಯಸಂತೆ ಮತ್ತು ತೋಟಗಾರಿಕೆ ಅಭಿಯಾನ-2025 ಕ್ಕೆ ಬುಧವಾರದಂದು ತೆರೆ ಬಿದ್ದಿದೆ. ಕೊಪ್ಪಳ ನಗರದ ಕೋಟಿ ತೋಟಗಾರಿಕಾ ಕ್ಷೇತ್ರದ ಆವರಣದಲ್ಲಿ 6 ದಿನಗಳ ಕಾಲ ನಡೆದ 9ನೇ ವರ್ಷದ ಸಸ್ಯಸಂತೆ ಮತ್ತು ವಿವಿಧ ಸಸಿಗಳ ಮಾರಾಟ ಮೇಳದಲ್ಲಿ 25 ಲಕ್ಷಕ್ಕೂ ಹೆಚ್ಚಿನ ಮೌಲ್ಯದ ಸಸಿಗಳು ಹಾಗೂ 20 ಲಕ್ಷಕ್ಕೂ ಹೆಚ್ಚಿನ ಬೇರೆ ಬೇರೆ ಪರಿಕರಗಳ ವಹಿವಾಟು ನಡೆದಿದೆ. ಸುಮಾರು 2000 ಎಕರೆಗಳು ಹೆಚ್ಚಿನ ತೋಟಗಾರಿಕೆ ಪ್ರದೇಶ ವಿಸ್ತರಣೆಗೆ ತೋಟಗಾರರ ಬೇಡಿಕೆಗಳು ಬಂದಿವೆ.
